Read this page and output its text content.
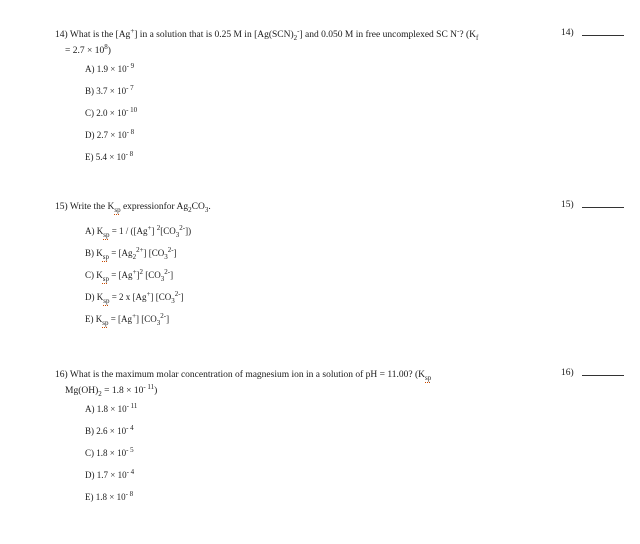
14) What is the [Ag+] in a solution that is 0.25 M in $[Ag(SCN)_2^-]$ and 0.050 M in free uncomplexed SC N-? ($K_f$
= $2.7 \times 10^8$)
A) $1.9 \times 10^{- 9}$
B) $3.7 \times 10^{- 7}$
C) $2.0 \times 10^{- 10}$
D) $2.7 \times 10^{- 8}$
E) $5.4 \times 10^{- 8}$
14)
15) Write the $K_{sp}$ expressionfor $Ag_2CO_3$.
A) $K_{sp} = 1 / ([Ag^+]$ $^2[CO_3^{2-}]$)
B) $K_{sp} = [Ag_2^{2+}]$ $[CO_3^{2-}]$
C) $K_{sp} = [Ag^+]^2$ $[CO_3^{2-}]$
D) $K_{sp} = 2$ x [Ag+] $[CO_3^{2-}]$
E) $K_{sp} = [Ag^+]$ $[CO_3^{2-}]$
15)
16) What is the maximum molar concentration of magnesium ion in a solution of pH = 11.00? ($K_{sp}$
$Mg(OH)_2 = 1.8 \times 10^{- 11}$)
A) $1.8 \times 10^{- 11}$
B) $2.6 \times 10^{- 4}$
C) $1.8 \times 10^{- 5}$
D) $1.7 \times 10^{- 4}$
E) $1.8 \times 10^{- 8}$
16)
